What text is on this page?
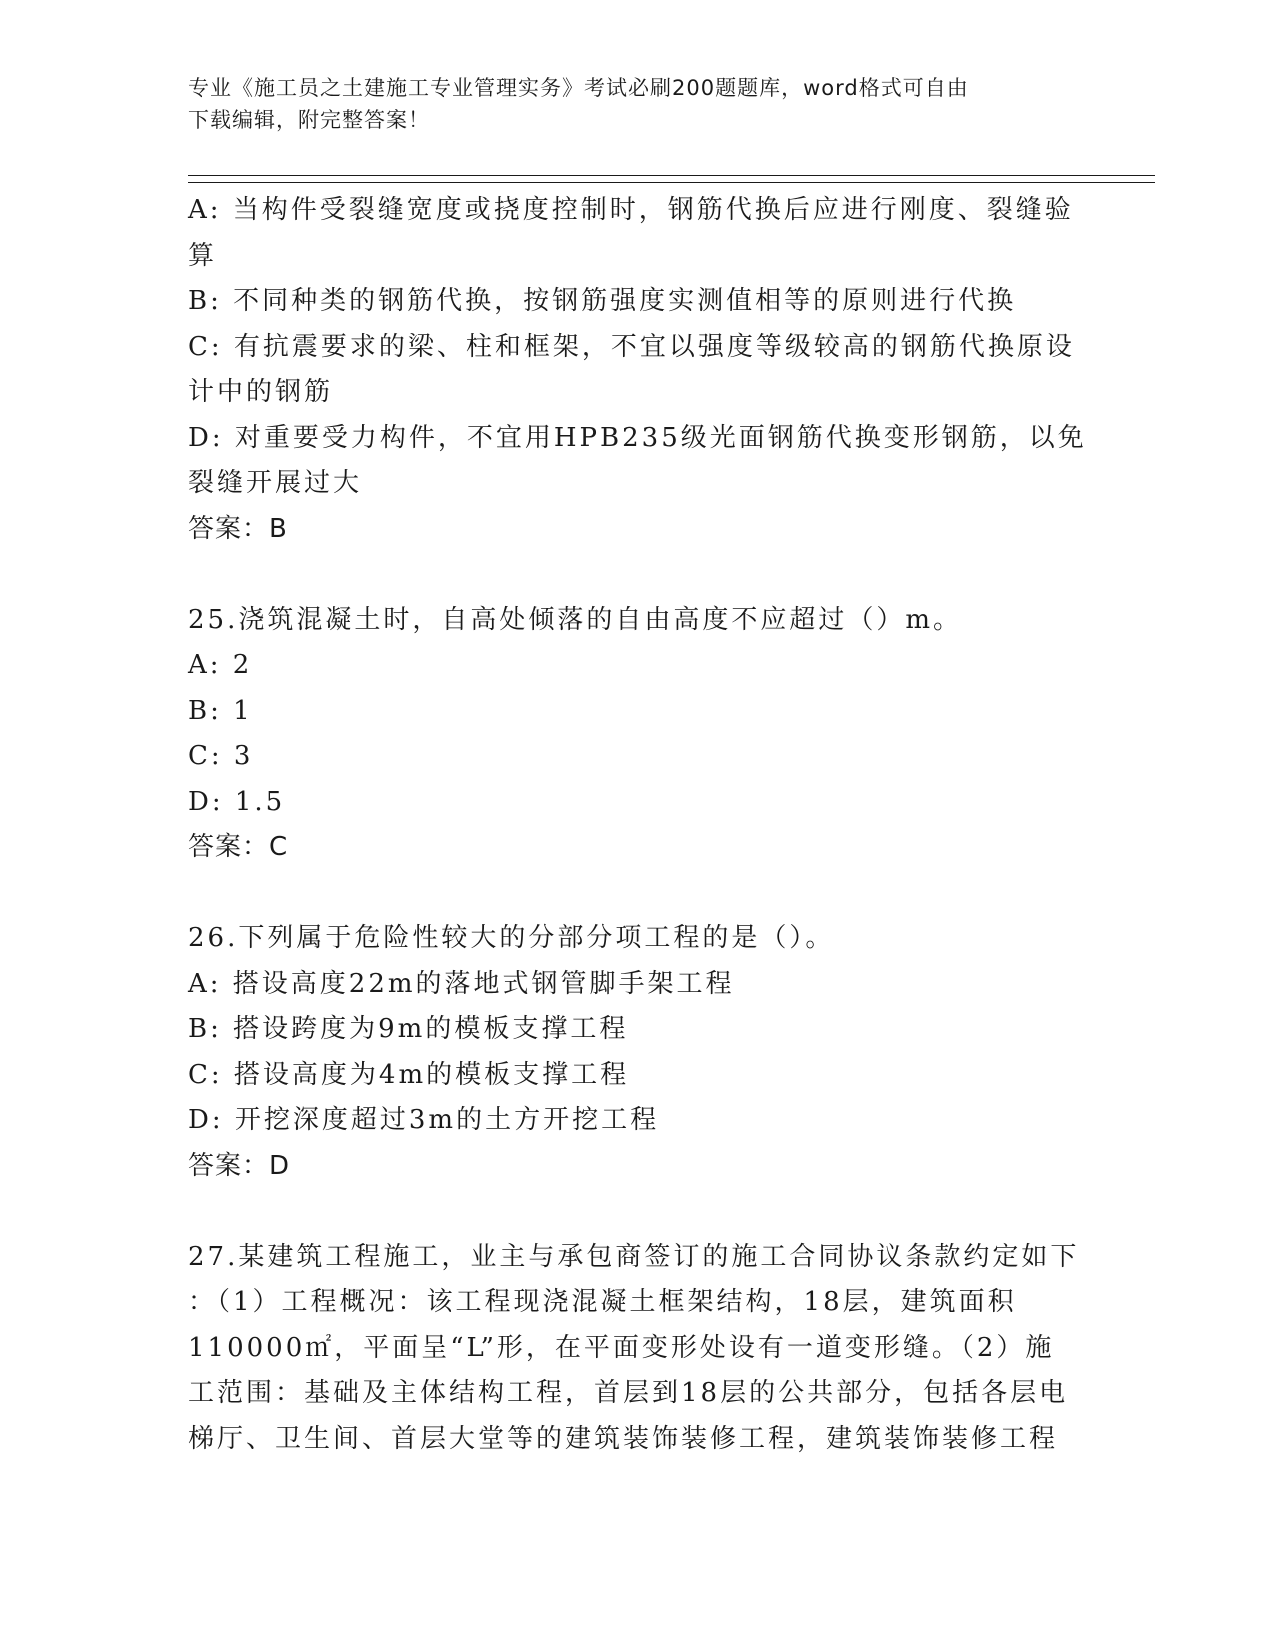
专业《施工员之土建施工专业管理实务》考试必刷200题题库，word格式可自由
下载编辑，附完整答案！
A: 当构件受裂缝宽度或挠度控制时，钢筋代换后应进行刚度、裂缝验
算
B: 不同种类的钢筋代换，按钢筋强度实测值相等的原则进行代换
C: 有抗震要求的梁、柱和框架，不宜以强度等级较高的钢筋代换原设
计中的钢筋
D: 对重要受力构件，不宜用HPB235级光面钢筋代换变形钢筋，以免
裂缝开展过大
答案：B
25.浇筑混凝土时，自高处倾落的自由高度不应超过（）m。
A: 2
B: 1
C: 3
D: 1.5
答案：C
26.下列属于危险性较大的分部分项工程的是（）。
A: 搭设高度22m的落地式钢管脚手架工程
B: 搭设跨度为9m的模板支撑工程
C: 搭设高度为4m的模板支撑工程
D: 开挖深度超过3m的土方开挖工程
答案：D
27.某建筑工程施工，业主与承包商签订的施工合同协议条款约定如下
：（1）工程概况：该工程现浇混凝土框架结构，18层，建筑面积
110000㎡，平面呈“L”形，在平面变形处设有一道变形缝。（2）施
工范围：基础及主体结构工程，首层到18层的公共部分，包括各层电
梯厅、卫生间、首层大堂等的建筑装饰装修工程，建筑装饰装修工程
